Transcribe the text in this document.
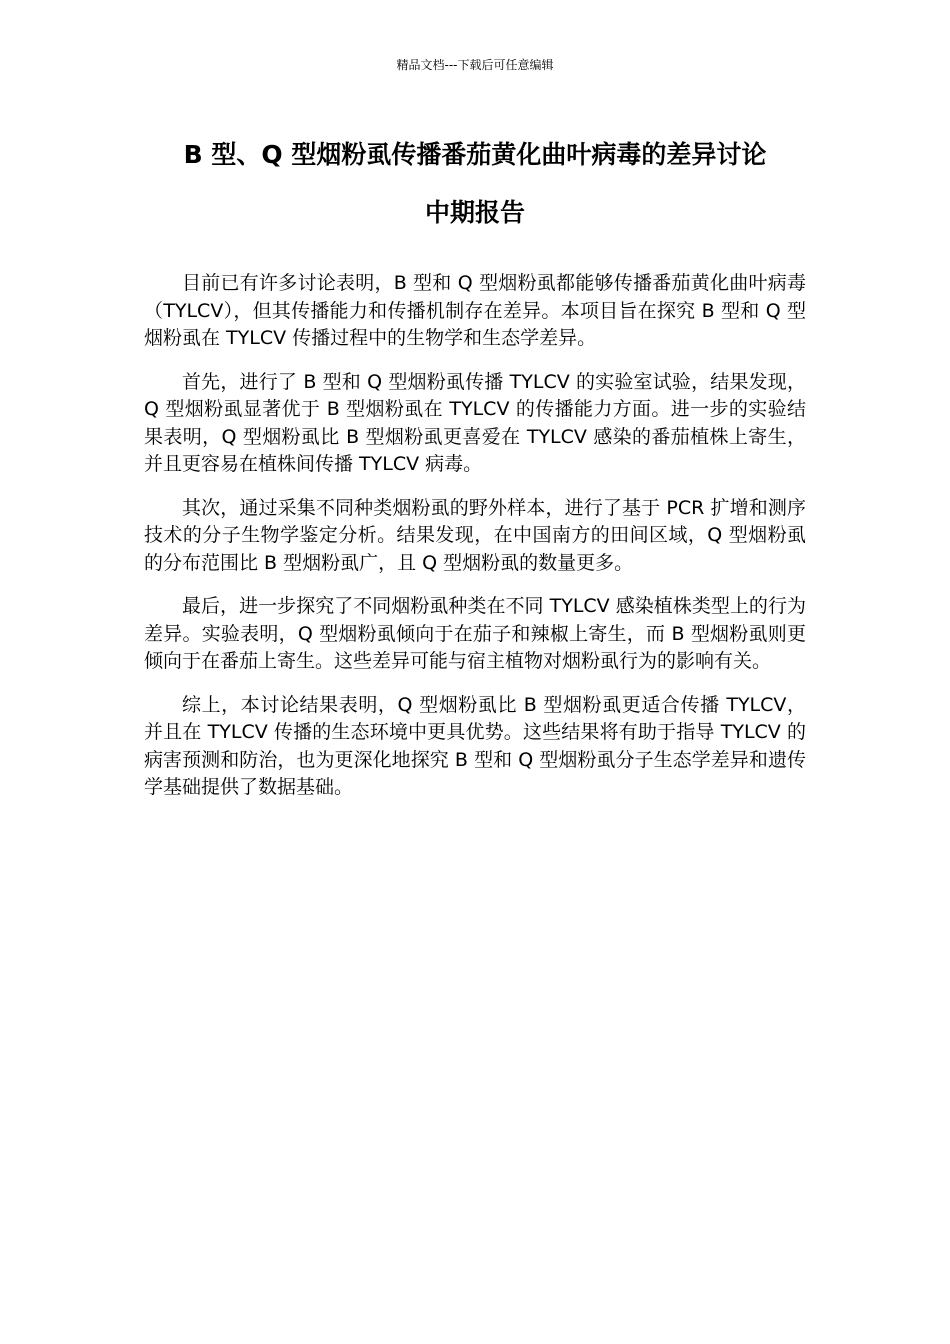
精品文档---下载后可任意编辑
B 型、Q 型烟粉虱传播番茄黄化曲叶病毒的差异讨论
中期报告

目前已有许多讨论表明，B 型和 Q 型烟粉虱都能够传播番茄黄化曲叶病毒（TYLCV），但其传播能力和传播机制存在差异。本项目旨在探究 B 型和 Q 型烟粉虱在 TYLCV 传播过程中的生物学和生态学差异。

首先，进行了 B 型和 Q 型烟粉虱传播 TYLCV 的实验室试验，结果发现，Q 型烟粉虱显著优于 B 型烟粉虱在 TYLCV 的传播能力方面。进一步的实验结果表明，Q 型烟粉虱比 B 型烟粉虱更喜爱在 TYLCV 感染的番茄植株上寄生，并且更容易在植株间传播 TYLCV 病毒。

其次，通过采集不同种类烟粉虱的野外样本，进行了基于 PCR 扩增和测序技术的分子生物学鉴定分析。结果发现，在中国南方的田间区域，Q 型烟粉虱的分布范围比 B 型烟粉虱广，且 Q 型烟粉虱的数量更多。

最后，进一步探究了不同烟粉虱种类在不同 TYLCV 感染植株类型上的行为差异。实验表明，Q 型烟粉虱倾向于在茄子和辣椒上寄生，而 B 型烟粉虱则更倾向于在番茄上寄生。这些差异可能与宿主植物对烟粉虱行为的影响有关。

综上，本讨论结果表明，Q 型烟粉虱比 B 型烟粉虱更适合传播 TYLCV，并且在 TYLCV 传播的生态环境中更具优势。这些结果将有助于指导 TYLCV 的病害预测和防治，也为更深化地探究 B 型和 Q 型烟粉虱分子生态学差异和遗传学基础提供了数据基础。
